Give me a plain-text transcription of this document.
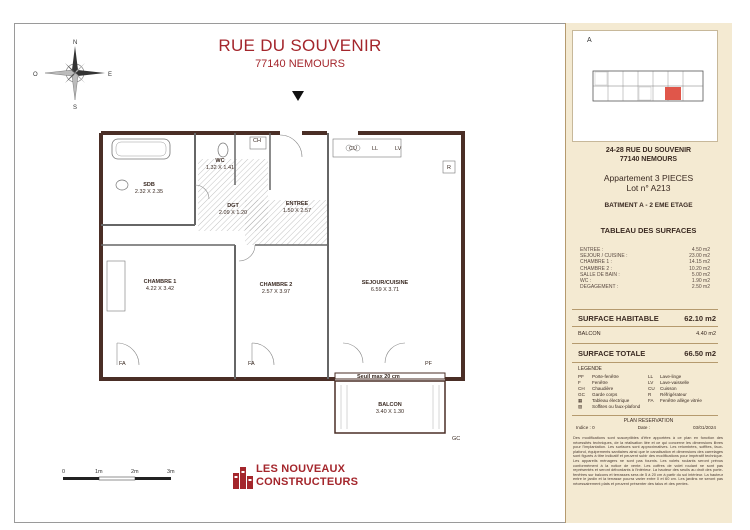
N
S
E
O
RUE DU SOUVENIR
77140 NEMOURS
SDB
2.32 X 2.35
WC
1.32 X 1.41
DGT
2.09 X 1.20
ENTREE
1.50 X 2.57
CHAMBRE 1
4.22 X 3.42
CHAMBRE 2
2.57 X 3.97
SEJOUR/CUISINE
6.59 X 3.71
BALCON
3.40 X 1.30
CH
CU	LL	LV
R
FA	FA	PF
GC
Seuil max 20 cm
0	1m	2m	3m	LES NOUVEAUX
CONSTRUCTEURS
A
24-28 RUE DU SOUVENIR
77140 NEMOURS
Appartement 3 PIECES
Lot n° A213
BATIMENT A - 2 EME ETAGE
TABLEAU DES SURFACES
ENTREE :	4.50 m2
SEJOUR / CUISINE :	23.00 m2
CHAMBRE 1 :	14.15 m2
CHAMBRE 2 :	10.20 m2
SALLE DE BAIN :	5.00 m2
WC :	1.90 m2
DEGAGEMENT :	2.50 m2
SURFACE HABITABLE	62.10 m2
BALCON	4.40 m2
SURFACE TOTALE	66.50 m2
LEGENDE
PF	Porte-fenêtre	LL	Lave-linge
F	Fenêtre	LV	Lave-vaisselle
CH	Chaudière	CU	Cuisson
GC	Garde corps	R	Réfrigérateur
▦	Tableau électrique	FA	Fenêtre allège vitrée
▨	Soffites ou faux-plafond
PLAN RESERVATION
Indice : 0	Date :	03/01/2024
Des modifications sont susceptibles d'être apportées à ce plan en fonction des nécessités techniques, de la réalisation liée et ce qui concerne les dimensions libres pour l'implantation. Les surfaces sont approximatives. Les retombées, soffites, faux-plafond, équipements sanitaires ainsi que le canalisation et dimensions des carrelages sont figurés à titre indicatif et peuvent subir des modifications pour impératif technique. Les appareils ménagers ne sont pas fournis. Les volets roulants seront prévus conformément à la notice de vente. Les coffres de volet roulant ne sont pas représentés et seront débordants à l'intérieur. La hauteur des seuils au droit des porte-fenêtres sur balcons et terrasses sera de 5 à 20 cm à partir du sol intérieur. La hauteur entre le jardin et la terrasse pourra varier entre 0 et 60 cm. Les jardins ne seront pas nécessairement plats et peuvent présenter des talus et des pentes.
